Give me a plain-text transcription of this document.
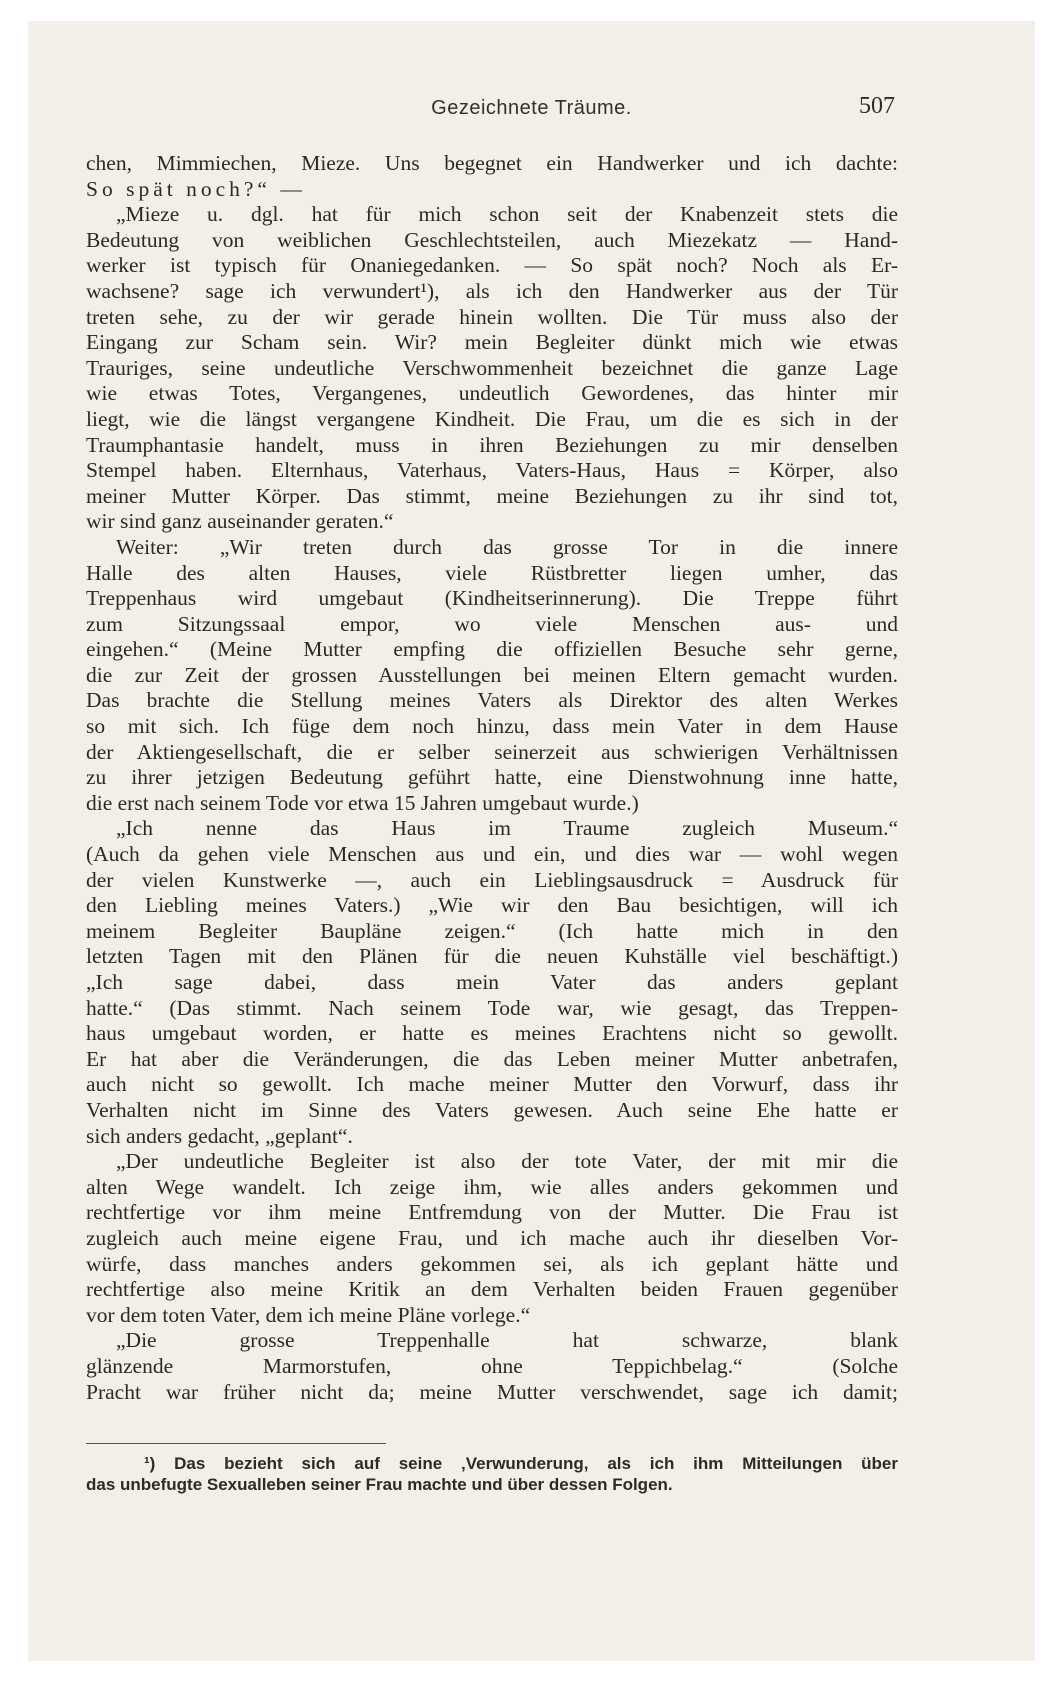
Gezeichnete Träume.	507
chen, Mimmiechen, Mieze. Uns begegnet ein Handwerker und ich dachte:
So spät noch?“ —
„Mieze u. dgl. hat für mich schon seit der Knabenzeit stets die
Bedeutung von weiblichen Geschlechtsteilen, auch Miezekatz — Hand-
werker ist typisch für Onaniegedanken. — So spät noch? Noch als Er-
wachsene? sage ich verwundert¹), als ich den Handwerker aus der Tür
treten sehe, zu der wir gerade hinein wollten. Die Tür muss also der
Eingang zur Scham sein. Wir? mein Begleiter dünkt mich wie etwas
Trauriges, seine undeutliche Verschwommenheit bezeichnet die ganze Lage
wie etwas Totes, Vergangenes, undeutlich Gewordenes, das hinter mir
liegt, wie die längst vergangene Kindheit. Die Frau, um die es sich in der
Traumphantasie handelt, muss in ihren Beziehungen zu mir denselben
Stempel haben. Elternhaus, Vaterhaus, Vaters-Haus, Haus = Körper, also
meiner Mutter Körper. Das stimmt, meine Beziehungen zu ihr sind tot,
wir sind ganz auseinander geraten.“
Weiter: „Wir treten durch das grosse Tor in die innere
Halle des alten Hauses, viele Rüstbretter liegen umher, das
Treppenhaus wird umgebaut (Kindheitserinnerung). Die Treppe führt
zum Sitzungssaal empor, wo viele Menschen aus- und
eingehen.“ (Meine Mutter empfing die offiziellen Besuche sehr gerne,
die zur Zeit der grossen Ausstellungen bei meinen Eltern gemacht wurden.
Das brachte die Stellung meines Vaters als Direktor des alten Werkes
so mit sich. Ich füge dem noch hinzu, dass mein Vater in dem Hause
der Aktiengesellschaft, die er selber seinerzeit aus schwierigen Verhältnissen
zu ihrer jetzigen Bedeutung geführt hatte, eine Dienstwohnung inne hatte,
die erst nach seinem Tode vor etwa 15 Jahren umgebaut wurde.)
„Ich nenne das Haus im Traume zugleich Museum.“
(Auch da gehen viele Menschen aus und ein, und dies war — wohl wegen
der vielen Kunstwerke —, auch ein Lieblingsausdruck = Ausdruck für
den Liebling meines Vaters.) „Wie wir den Bau besichtigen, will ich
meinem Begleiter Baupläne zeigen.“ (Ich hatte mich in den
letzten Tagen mit den Plänen für die neuen Kuhställe viel beschäftigt.)
„Ich sage dabei, dass mein Vater das anders geplant
hatte.“ (Das stimmt. Nach seinem Tode war, wie gesagt, das Treppen-
haus umgebaut worden, er hatte es meines Erachtens nicht so gewollt.
Er hat aber die Veränderungen, die das Leben meiner Mutter anbetrafen,
auch nicht so gewollt. Ich mache meiner Mutter den Vorwurf, dass ihr
Verhalten nicht im Sinne des Vaters gewesen. Auch seine Ehe hatte er
sich anders gedacht, „geplant“.
„Der undeutliche Begleiter ist also der tote Vater, der mit mir die
alten Wege wandelt. Ich zeige ihm, wie alles anders gekommen und
rechtfertige vor ihm meine Entfremdung von der Mutter. Die Frau ist
zugleich auch meine eigene Frau, und ich mache auch ihr dieselben Vor-
würfe, dass manches anders gekommen sei, als ich geplant hätte und
rechtfertige also meine Kritik an dem Verhalten beiden Frauen gegenüber
vor dem toten Vater, dem ich meine Pläne vorlege.“
„Die grosse Treppenhalle hat schwarze, blank
glänzende Marmorstufen, ohne Teppichbelag.“ (Solche
Pracht war früher nicht da; meine Mutter verschwendet, sage ich damit;
¹) Das bezieht sich auf seine ‚Verwunderung, als ich ihm Mitteilungen über
das unbefugte Sexualleben seiner Frau machte und über dessen Folgen.
